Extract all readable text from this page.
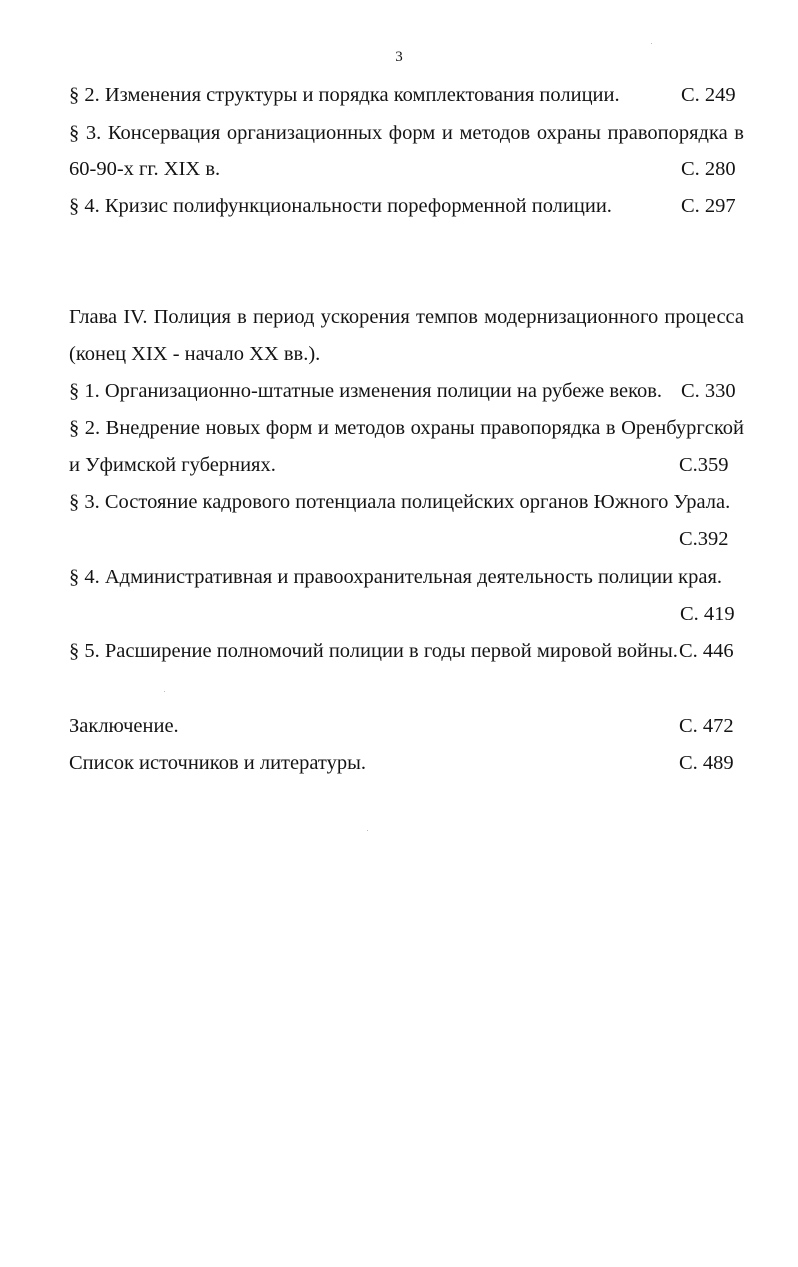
3
§ 2. Изменения структуры и порядка комплектования полиции.	С. 249
§ 3. Консервация организационных форм и методов охраны правопорядка в
60-90-х гг. XIX в.	С. 280
§ 4. Кризис полифункциональности пореформенной полиции.	С. 297
Глава IV. Полиция в период ускорения темпов модернизационного процесса
(конец XIX - начало XX вв.).
§ 1. Организационно-штатные изменения полиции на рубеже веков. С. 330
§ 2. Внедрение новых форм и методов охраны правопорядка в Оренбургской
и Уфимской губерниях.	С.359
§ 3. Состояние кадрового потенциала полицейских органов Южного Урала.
С.392
§ 4. Административная и правоохранительная деятельность полиции края.
С. 419
§ 5. Расширение полномочий полиции в годы первой мировой войны. С. 446
Заключение.	С. 472
Список источников и литературы.	С. 489
